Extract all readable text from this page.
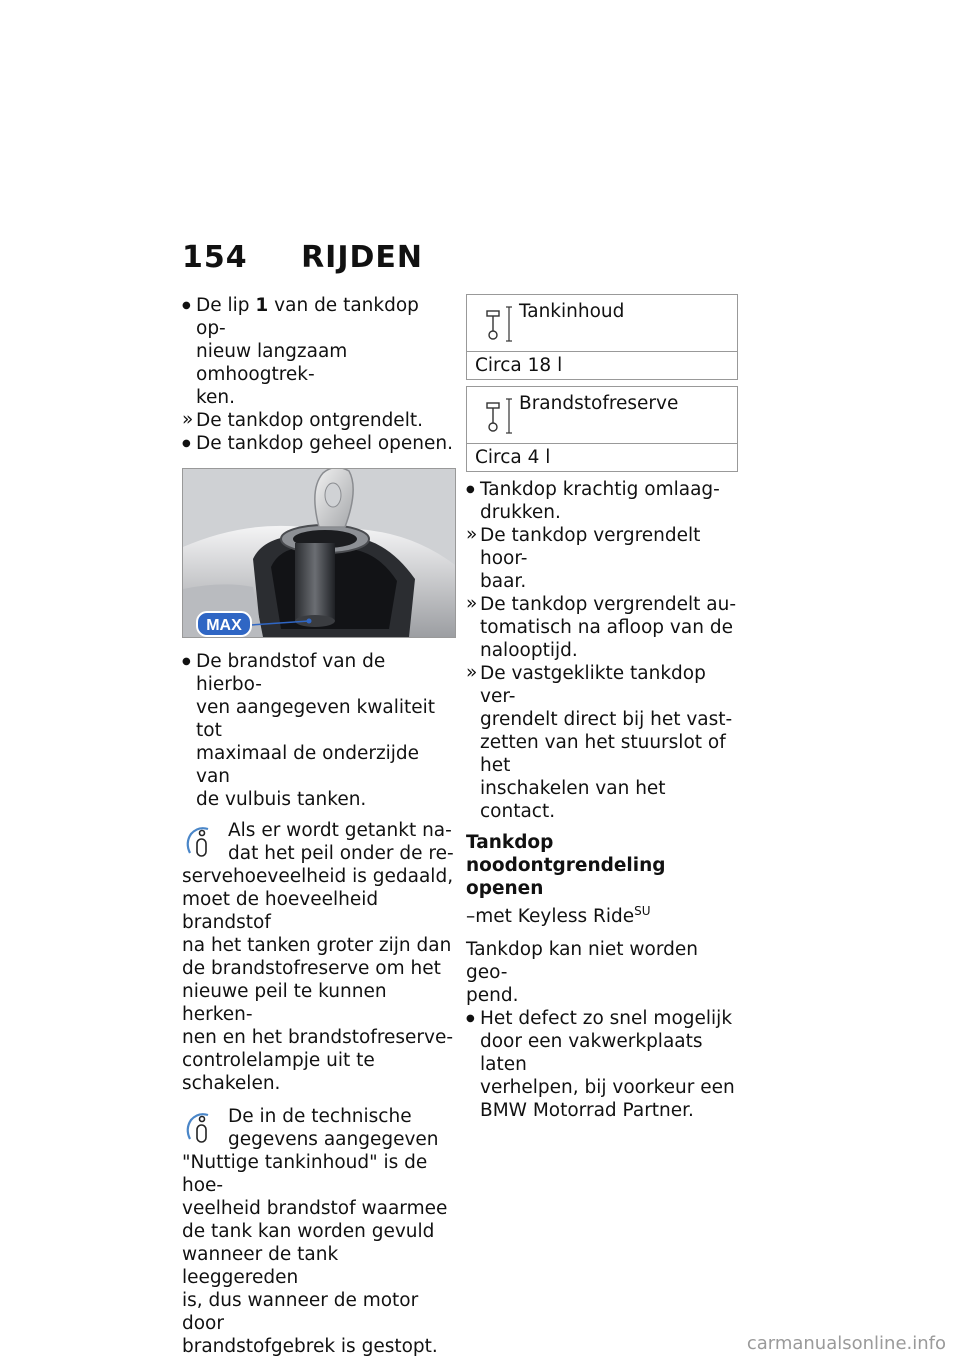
154 RIJDEN
● De lip 1 van de tankdop op-
nieuw langzaam omhoogtrek-
ken.
» De tankdop ontgrendelt.
● De tankdop geheel openen.
MAX
● De brandstof van de hierbo-
ven aangegeven kwaliteit tot
maximaal de onderzijde van
de vulbuis tanken.
Als er wordt getankt na-
dat het peil onder de re-
servehoeveelheid is gedaald,
moet de hoeveelheid brandstof
na het tanken groter zijn dan
de brandstofreserve om het
nieuwe peil te kunnen herken-
nen en het brandstofreserve-
controlelampje uit te schakelen.
De in de technische
gegevens aangegeven
"Nuttige tankinhoud" is de hoe-
veelheid brandstof waarmee
de tank kan worden gevuld
wanneer de tank leeggereden
is, dus wanneer de motor door
brandstofgebrek is gestopt.
Tankinhoud
Circa 18 l
Brandstofreserve
Circa 4 l
● Tankdop krachtig omlaag-
drukken.
» De tankdop vergrendelt hoor-
baar.
» De tankdop vergrendelt au-
tomatisch na afloop van de
nalooptijd.
» De vastgeklikte tankdop ver-
grendelt direct bij het vast-
zetten van het stuurslot of het
inschakelen van het contact.
Tankdop noodontgrendeling
openen
–met Keyless Ride$^{SU}$
Tankdop kan niet worden geo-
pend.
● Het defect zo snel mogelijk
door een vakwerkplaats laten
verhelpen, bij voorkeur een
BMW Motorrad Partner.
carmanualsonline.info
